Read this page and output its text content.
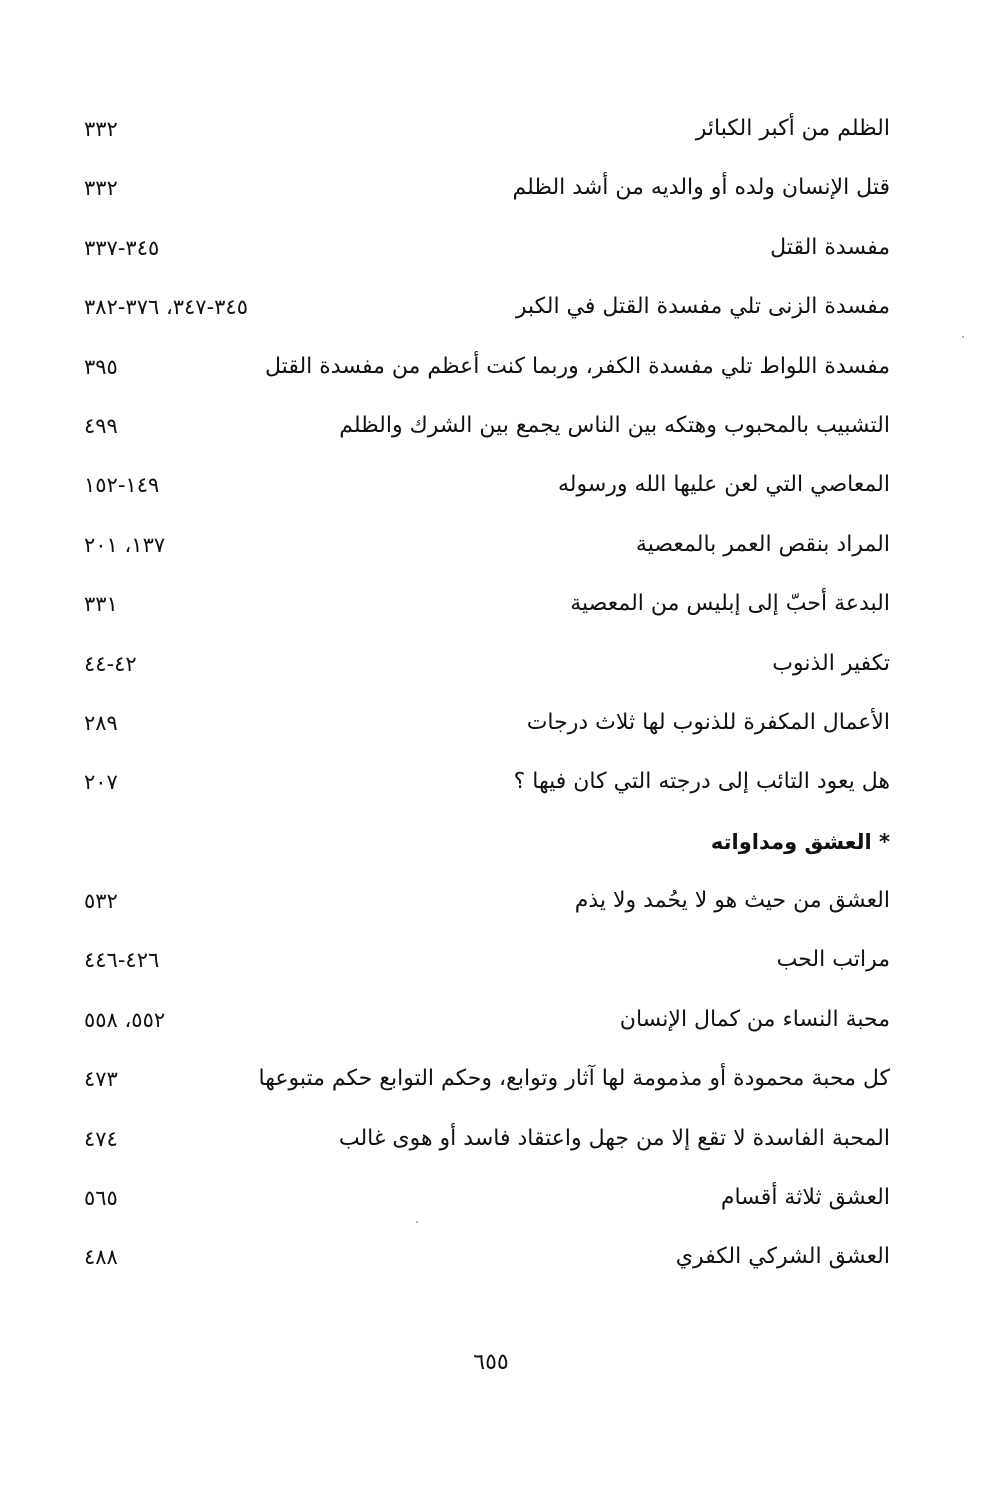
الظلم من أكبر الكبائر
٣٣٢
قتل الإنسان ولده أو والديه من أشد الظلم
٣٣٢
مفسدة القتل
٣٤٥-٣٣٧
مفسدة الزنى تلي مفسدة القتل في الكبر
٣٤٥-٣٤٧، ٣٧٦-٣٨٢
مفسدة اللواط تلي مفسدة الكفر، وربما كنت أعظم من مفسدة القتل
٣٩٥
التشبيب بالمحبوب وهتكه بين الناس يجمع بين الشرك والظلم
٤٩٩
المعاصي التي لعن عليها الله ورسوله
١٤٩-١٥٢
المراد بنقص العمر بالمعصية
١٣٧، ٢٠١
البدعة أحبّ إلى إبليس من المعصية
٣٣١
تكفير الذنوب
٤٢-٤٤
الأعمال المكفرة للذنوب لها ثلاث درجات
٢٨٩
هل يعود التائب إلى درجته التي كان فيها ؟
٢٠٧
* العشق ومداواته
العشق من حيث هو لا يحُمد ولا يذم
٥٣٢
مراتب الحب
٤٢٦-٤٤٦
محبة النساء من كمال الإنسان
٥٥٢، ٥٥٨
كل محبة محمودة أو مذمومة لها آثار وتوابع، وحكم التوابع حكم متبوعها
٤٧٣
المحبة الفاسدة لا تقع إلا من جهل واعتقاد فاسد أو هوى غالب
٤٧٤
العشق ثلاثة أقسام
٥٦٥
العشق الشركي الكفري
٤٨٨
٦٥٥
